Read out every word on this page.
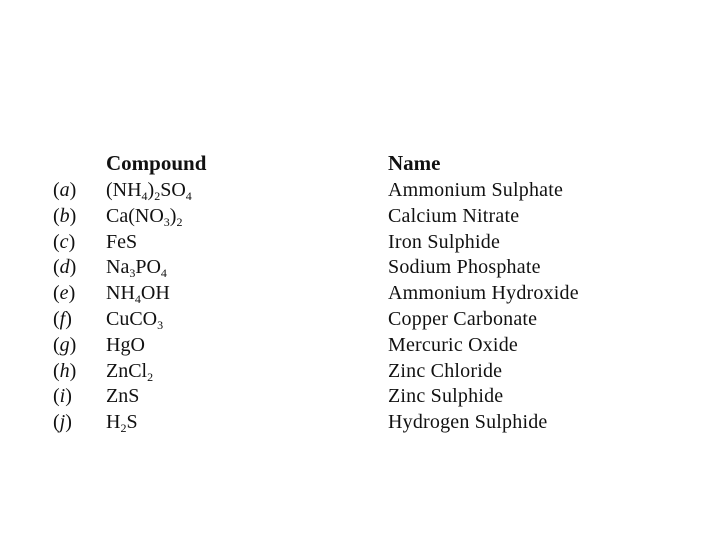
Compound	Name
(a) $(NH_4)_2SO_4$	Ammonium Sulphate
(b) $Ca(NO_3)_2$	Calcium Nitrate
(c) FeS	Iron Sulphide
(d) $Na_3PO_4$	Sodium Phosphate
(e) $NH_4OH$	Ammonium Hydroxide
(f) CuCO$_3$	Copper Carbonate
(g) HgO	Mercuric Oxide
(h) ZnCl$_2$	Zinc Chloride
(i) ZnS	Zinc Sulphide
(j) $H_2S$	Hydrogen Sulphide
